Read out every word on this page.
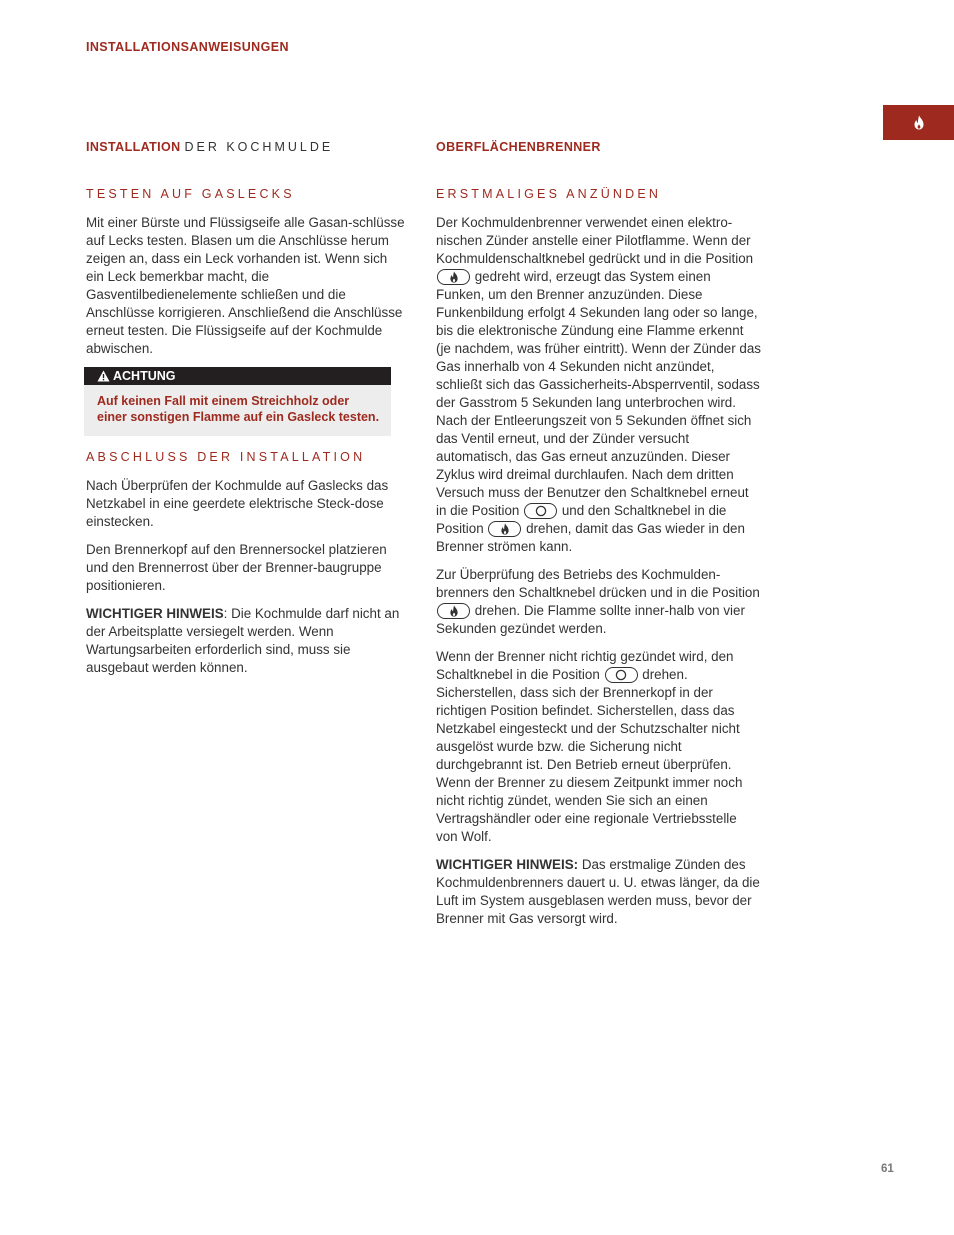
INSTALLATIONSANWEISUNGEN
INSTALLATION DER KOCHMULDE
TESTEN AUF GASLECKS

Mit einer Bürste und Flüssigseife alle Gasan-schlüsse auf Lecks testen. Blasen um die Anschlüsse herum zeigen an, dass ein Leck vorhanden ist. Wenn sich ein Leck bemerkbar macht, die Gasventilbedienelemente schließen und die Anschlüsse korrigieren. Anschließend die Anschlüsse erneut testen. Die Flüssigseife auf der Kochmulde abwischen.

ACHTUNG
Auf keinen Fall mit einem Streichholz oder einer sonstigen Flamme auf ein Gasleck testen.
ABSCHLUSS DER INSTALLATION

Nach Überprüfen der Kochmulde auf Gaslecks das Netzkabel in eine geerdete elektrische Steck-dose einstecken.

Den Brennerkopf auf den Brennersockel platzieren und den Brennerrost über der Brenner-baugruppe positionieren.

WICHTIGER HINWEIS: Die Kochmulde darf nicht an der Arbeitsplatte versiegelt werden. Wenn Wartungsarbeiten erforderlich sind, muss sie ausgebaut werden können.

OBERFLÄCHENBRENNER
ERSTMALIGES ANZÜNDEN

Der Kochmuldenbrenner verwendet einen elektro-nischen Zünder anstelle einer Pilotflamme. Wenn der Kochmuldenschaltknebel gedrückt und in die Position
gedreht wird, erzeugt das System einen Funken, um den Brenner anzuzünden. Diese Funkenbildung erfolgt 4 Sekunden lang oder so lange, bis die elektronische Zündung eine Flamme erkennt (je nachdem, was früher eintritt). Wenn der Zünder das Gas innerhalb von 4 Sekunden nicht anzündet, schließt sich das Gassicherheits-Absperrventil, sodass der Gasstrom 5 Sekunden lang unterbrochen wird. Nach der Entleerungszeit von 5 Sekunden öffnet sich das Ventil erneut, und der Zünder versucht automatisch, das Gas erneut anzuzünden. Dieser Zyklus wird dreimal durchlaufen. Nach dem dritten Versuch muss der Benutzer den Schaltknebel erneut in die Position	und den Schaltknebel in die Position	drehen, damit das Gas wieder in den Brenner strömen kann.

Zur Überprüfung des Betriebs des Kochmulden-brenners den Schaltknebel drücken und in die Position
drehen. Die Flamme sollte inner-halb von vier Sekunden gezündet werden.

Wenn der Brenner nicht richtig gezündet wird, den Schaltknebel in die Position	drehen. Sicherstellen, dass sich der Brennerkopf in der richtigen Position befindet. Sicherstellen, dass das Netzkabel eingesteckt und der Schutzschalter nicht ausgelöst wurde bzw. die Sicherung nicht durchgebrannt ist. Den Betrieb erneut überprüfen. Wenn der Brenner zu diesem Zeitpunkt immer noch nicht richtig zündet, wenden Sie sich an einen Vertragshändler oder eine regionale Vertriebsstelle von Wolf.

WICHTIGER HINWEIS: Das erstmalige Zünden des Kochmuldenbrenners dauert u. U. etwas länger, da die Luft im System ausgeblasen werden muss, bevor der Brenner mit Gas versorgt wird.

61
